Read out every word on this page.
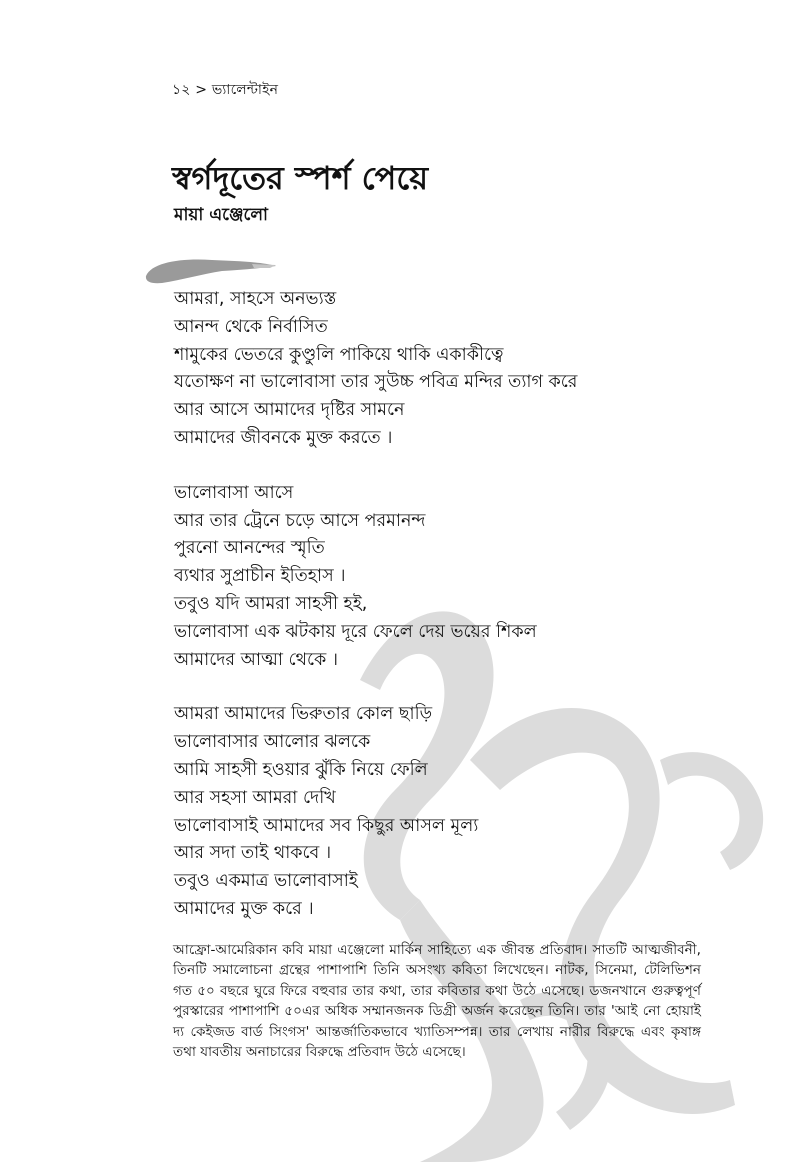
১২ > ভ্যালেন্টাইন
স্বর্গদূতের স্পর্শ পেয়ে
মায়া এঞ্জেলো
আমরা, সাহসে অনভ্যস্ত
আনন্দ থেকে নির্বাসিত
শামুকের ভেতরে কুণ্ডুলি পাকিয়ে থাকি একাকীত্বে
যতোক্ষণ না ভালোবাসা তার সুউচ্চ পবিত্র মন্দির ত্যাগ করে
আর আসে আমাদের দৃষ্টির সামনে
আমাদের জীবনকে মুক্ত করতে ।
ভালোবাসা আসে
আর তার ট্রেনে চড়ে আসে পরমানন্দ
পুরনো আনন্দের স্মৃতি
ব্যথার সুপ্রাচীন ইতিহাস ।
তবুও যদি আমরা সাহসী হই,
ভালোবাসা এক ঝটকায় দূরে ফেলে দেয় ভয়ের শিকল
আমাদের আত্মা থেকে ।
আমরা আমাদের ভিরুতার কোল ছাড়ি
ভালোবাসার আলোর ঝলকে
আমি সাহসী হওয়ার ঝুঁকি নিয়ে ফেলি
আর সহসা আমরা দেখি
ভালোবাসাই আমাদের সব কিছুর আসল মূল্য
আর সদা তাই থাকবে ।
তবুও একমাত্র ভালোবাসাই
আমাদের মুক্ত করে ।

আফ্রো-আমেরিকান কবি মায়া এঞ্জেলো মার্কিন সাহিত্যে এক জীবন্ত প্রতিবাদ। সাতটি আত্মজীবনী, তিনটি সমালোচনা গ্রন্থের পাশাপাশি তিনি অসংখ্য কবিতা লিখেছেন। নাটক, সিনেমা, টেলিভিশন গত ৫০ বছরে ঘুরে ফিরে বহুবার তার কথা, তার কবিতার কথা উঠে এসেছে। ডজনখানে গুরুত্বপূর্ণ পুরস্কারের পাশাপাশি ৫০এর অধিক সম্মানজনক ডিগ্রী অর্জন করেছেন তিনি। তার 'আই নো হোয়াই দ্য কেইজড বার্ড সিংগস' আন্তর্জাতিকভাবে খ্যাতিসম্পন্ন। তার লেখায় নারীর বিরুদ্ধে এবং কৃষাঙ্গ তথা যাবতীয় অনাচারের বিরুদ্ধে প্রতিবাদ উঠে এসেছে।
